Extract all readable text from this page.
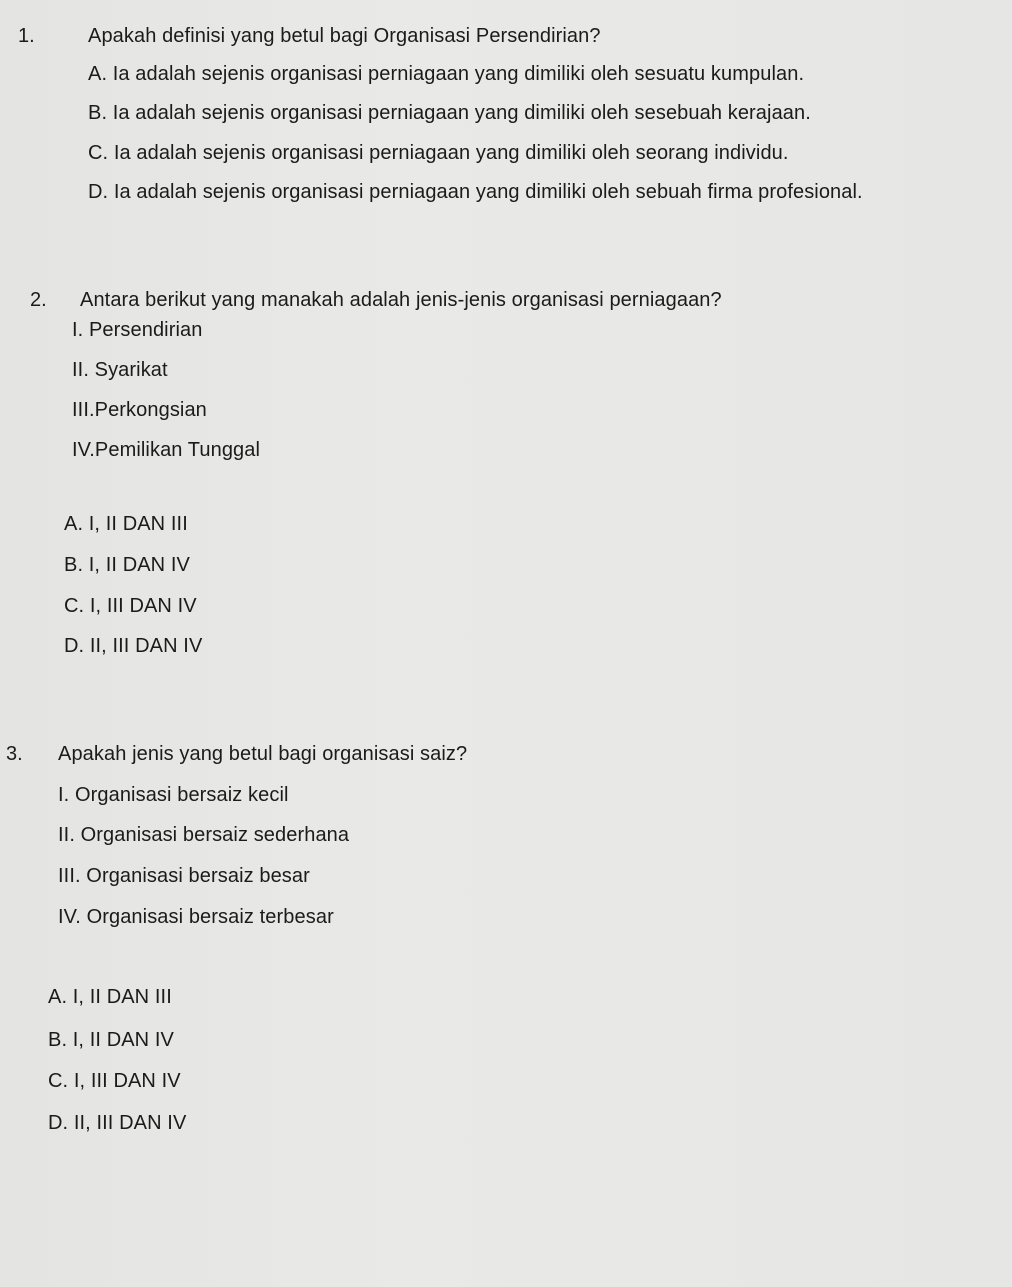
1.	Apakah definisi yang betul bagi Organisasi Persendirian?
A. Ia adalah sejenis organisasi perniagaan yang dimiliki oleh sesuatu kumpulan.
B. Ia adalah sejenis organisasi perniagaan yang dimiliki oleh sesebuah kerajaan.
C. Ia adalah sejenis organisasi perniagaan yang dimiliki oleh seorang individu.
D. Ia adalah sejenis organisasi perniagaan yang dimiliki oleh sebuah firma profesional.
2. Antara berikut yang manakah adalah jenis-jenis organisasi perniagaan?
I. Persendirian
II. Syarikat
III.Perkongsian
IV.Pemilikan Tunggal
A. I, II DAN III
B. I, II DAN IV
C. I, III DAN IV
D. II, III DAN IV
3. Apakah jenis yang betul bagi organisasi saiz?
I. Organisasi bersaiz kecil
II. Organisasi bersaiz sederhana
III. Organisasi bersaiz besar
IV. Organisasi bersaiz terbesar
A. I, II DAN III
B. I, II DAN IV
C. I, III DAN IV
D. II, III DAN IV
